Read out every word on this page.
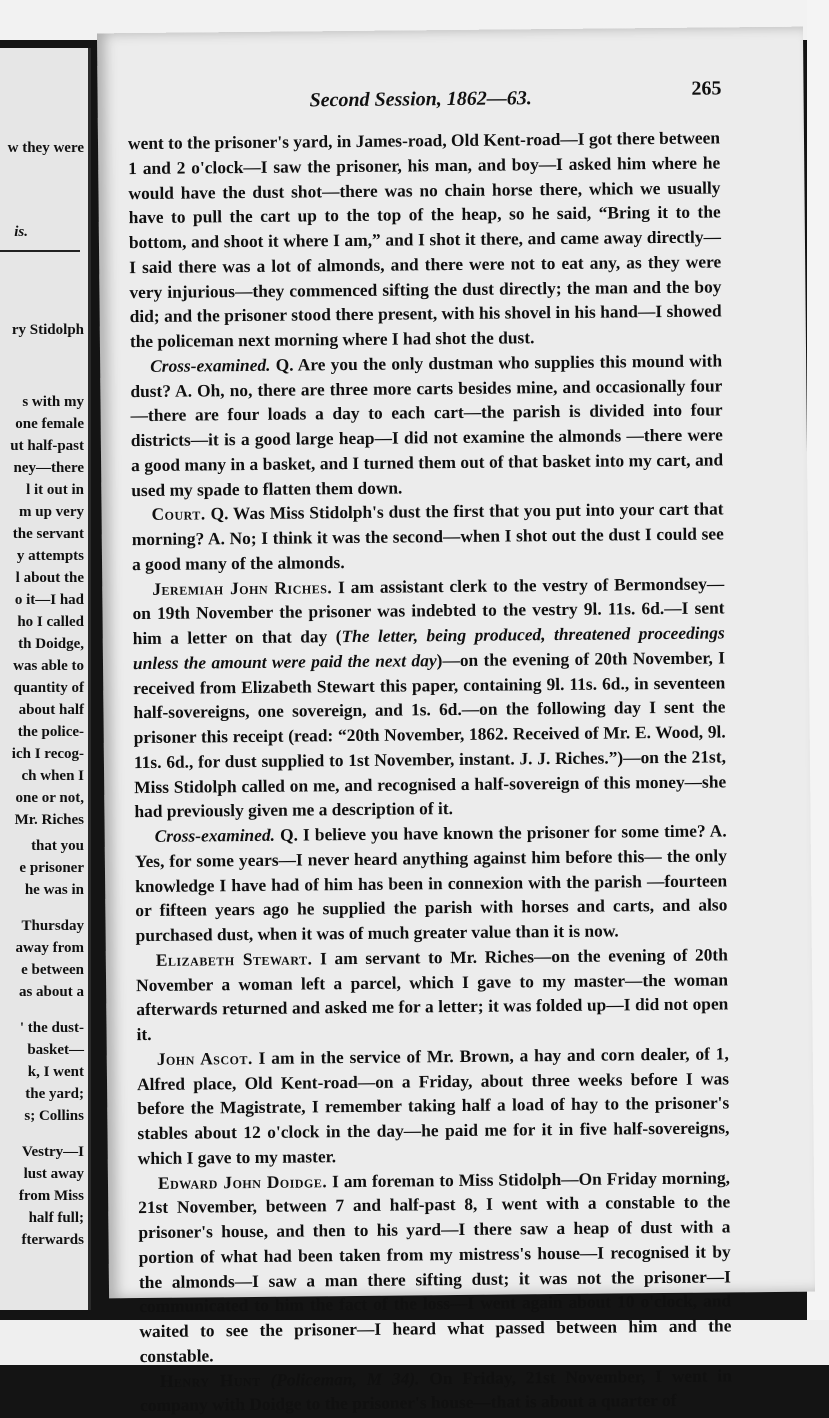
w they were
is.
ry Stidolph
s with my
one female
ut half-past
ney—there
l it out in
m up very
the servant
y attempts
l about the
o it—I had
ho I called
th Doidge,
was able to
quantity of
about half
the police-
ich I recog-
ch when I
one or not,
Mr. Riches
that you
e prisoner
he was in
Thursday
away from
e between
as about a
' the dust-
basket—
k, I went
the yard;
s; Collins
Vestry—I
lust away
from Miss
half full;
fterwards
Second Session, 1862—63.	265

went to the prisoner's yard, in James-road, Old Kent-road—I got there between 1 and 2 o'clock—I saw the prisoner, his man, and boy—I asked him where he would have the dust shot—there was no chain horse there, which we usually have to pull the cart up to the top of the heap, so he said, “Bring it to the bottom, and shoot it where I am,” and I shot it there, and came away directly—I said there was a lot of almonds, and there were not to eat any, as they were very injurious—they commenced sifting the dust directly; the man and the boy did; and the prisoner stood there present, with his shovel in his hand—I showed the policeman next morning where I had shot the dust.

Cross-examined. Q. Are you the only dustman who supplies this mound with dust? A. Oh, no, there are three more carts besides mine, and occasionally four—there are four loads a day to each cart—the parish is divided into four districts—it is a good large heap—I did not examine the almonds —there were a good many in a basket, and I turned them out of that basket into my cart, and used my spade to flatten them down.

Court. Q. Was Miss Stidolph's dust the first that you put into your cart that morning? A. No; I think it was the second—when I shot out the dust I could see a good many of the almonds.

Jeremiah John Riches. I am assistant clerk to the vestry of Bermondsey—on 19th November the prisoner was indebted to the vestry 9l. 11s. 6d.—I sent him a letter on that day (The letter, being produced, threatened proceedings unless the amount were paid the next day)—on the evening of 20th November, I received from Elizabeth Stewart this paper, containing 9l. 11s. 6d., in seventeen half-sovereigns, one sovereign, and 1s. 6d.—on the following day I sent the prisoner this receipt (read: “20th November, 1862. Received of Mr. E. Wood, 9l. 11s. 6d., for dust supplied to 1st November, instant. J. J. Riches.”)—on the 21st, Miss Stidolph called on me, and recognised a half-sovereign of this money—she had previously given me a description of it.

Cross-examined. Q. I believe you have known the prisoner for some time? A. Yes, for some years—I never heard anything against him before this— the only knowledge I have had of him has been in connexion with the parish —fourteen or fifteen years ago he supplied the parish with horses and carts, and also purchased dust, when it was of much greater value than it is now.

Elizabeth Stewart. I am servant to Mr. Riches—on the evening of 20th November a woman left a parcel, which I gave to my master—the woman afterwards returned and asked me for a letter; it was folded up—I did not open it.

John Ascot. I am in the service of Mr. Brown, a hay and corn dealer, of 1, Alfred place, Old Kent-road—on a Friday, about three weeks before I was before the Magistrate, I remember taking half a load of hay to the prisoner's stables about 12 o'clock in the day—he paid me for it in five half-sovereigns, which I gave to my master.

Edward John Doidge. I am foreman to Miss Stidolph—On Friday morning, 21st November, between 7 and half-past 8, I went with a constable to the prisoner's house, and then to his yard—I there saw a heap of dust with a portion of what had been taken from my mistress's house—I recognised it by the almonds—I saw a man there sifting dust; it was not the prisoner—I communicated to him the fact of the loss—I went again about 10 o'clock, and waited to see the prisoner—I heard what passed between him and the constable.

Henry Hunt (Policeman, M 34). On Friday, 21st November, I went in company with Doidge to the prisoner's house—that is about a quarter of
